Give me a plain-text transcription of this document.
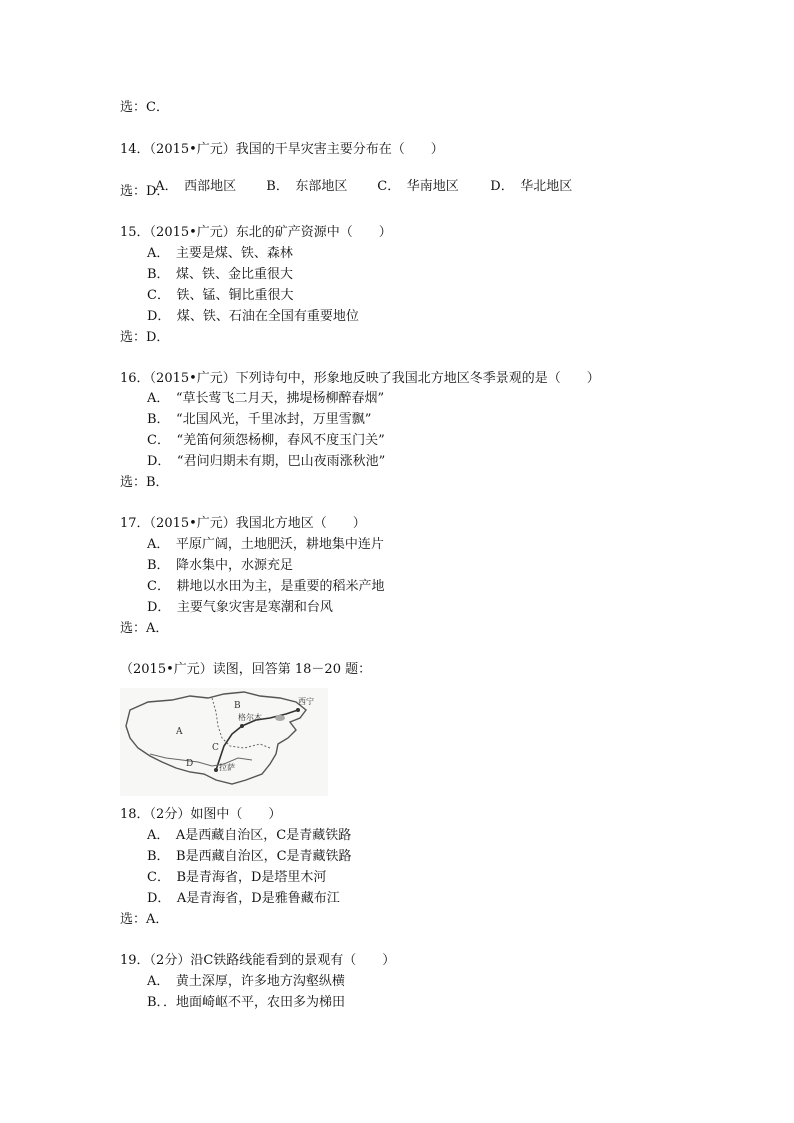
选：C．
14．（2015•广元）我国的干旱灾害主要分布在（　　）

A．　西部地区 B．　东部地区 C．　华南地区 D．　华北地区

选：D．
15．（2015•广元）东北的矿产资源中（　　）
A．　主要是煤、铁、森林
B．　煤、铁、金比重很大
C．　铁、锰、铜比重很大
D．　煤、铁、石油在全国有重要地位
选：D．
16．（2015•广元）下列诗句中，形象地反映了我国北方地区冬季景观的是（　　）
A．　“草长莺飞二月天，拂堤杨柳醉春烟”
B．　“北国风光，千里冰封，万里雪飘”
C．　“羌笛何须怨杨柳，春风不度玉门关”
D．　“君问归期未有期，巴山夜雨涨秋池”
选：B．
17．（2015•广元）我国北方地区（　　）
A．　平原广阔，土地肥沃，耕地集中连片
B．　降水集中，水源充足
C．　耕地以水田为主，是重要的稻米产地
D．　主要气象灾害是寒潮和台风
选：A．
（2015•广元）读图，回答第 18－20 题：
A
B
C
D
格尔木
西宁
拉萨
18．（2分）如图中（　　）
A．　A是西藏自治区，C是青藏铁路
B．　B是西藏自治区，C是青藏铁路
C．　B是青海省，D是塔里木河
D．　A是青海省，D是雅鲁藏布江
选：A．
19．（2分）沿C铁路线能看到的景观有（　　）
A．　黄土深厚，许多地方沟壑纵横
B．．地面崎岖不平，农田多为梯田
